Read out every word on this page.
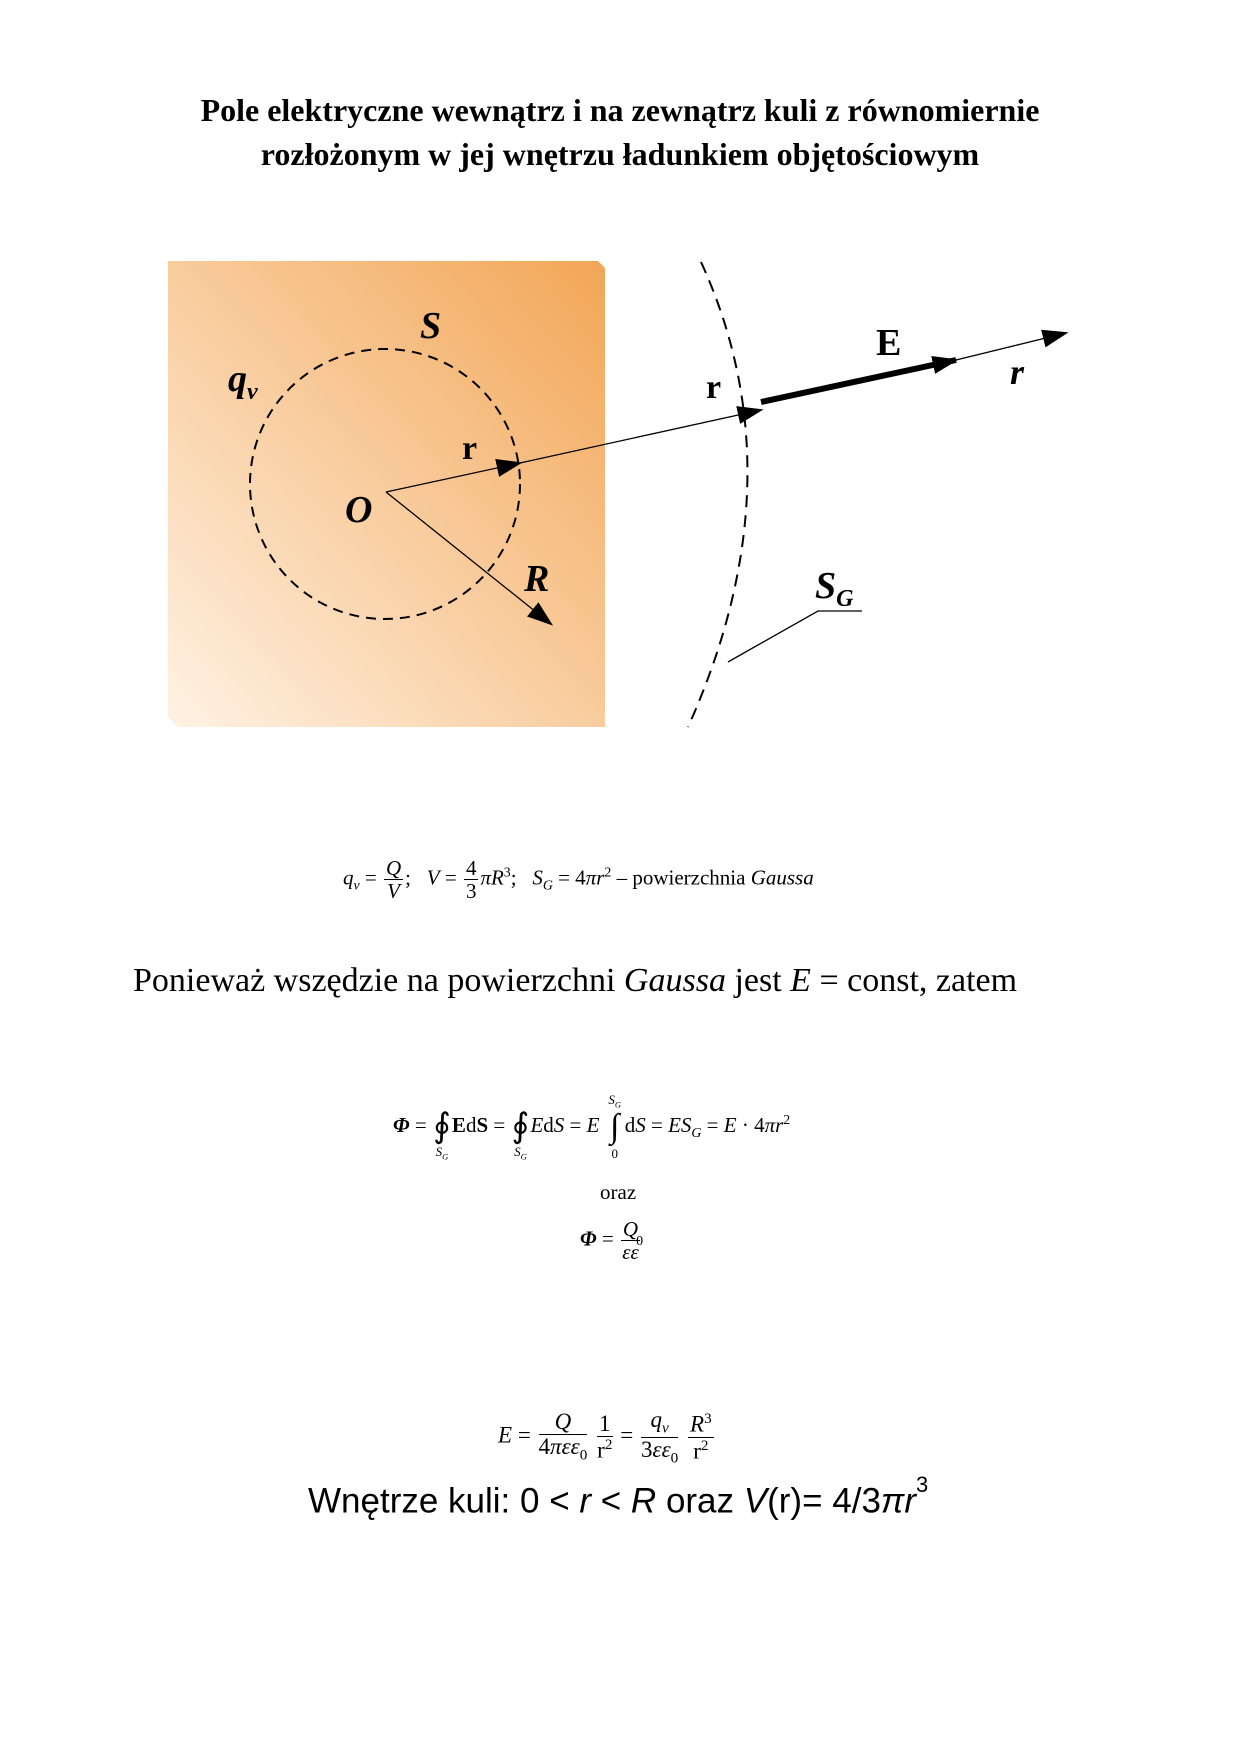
Pole elektryczne wewnątrz i na zewnątrz kuli z równomiernie
rozłożonym w jej wnętrzu ładunkiem objętościowym
S
$q_v$
r
O
R
r
E
r
$S_G$
$q_v = \frac{Q}{V}$ ;   $V = \frac{4}{3} \pi R^3$;   $S_G = 4\pi r^2$ – powierzchnia Gaussa
Ponieważ wszędzie na powierzchni Gaussa jest E = const, zatem
Φ = ∮
$S_G$
EdS = ∮
$S_G$
EdS = E
$S_G$
∫
0
dS = $ES_G = E \cdot 4\pi r^2$
oraz
$\Phi = \frac{Q}{\varepsilon\varepsilon}$
0
$E = \frac{Q}{4\pi\varepsilon\varepsilon_0}$
$\frac{1}{r^2} = \frac{q_v}{3\varepsilon\varepsilon_0}$
$\frac{R^3}{r^2}$
Wnętrze kuli: 0 < r < R oraz $V(r)= 4/3\pi r^3$
